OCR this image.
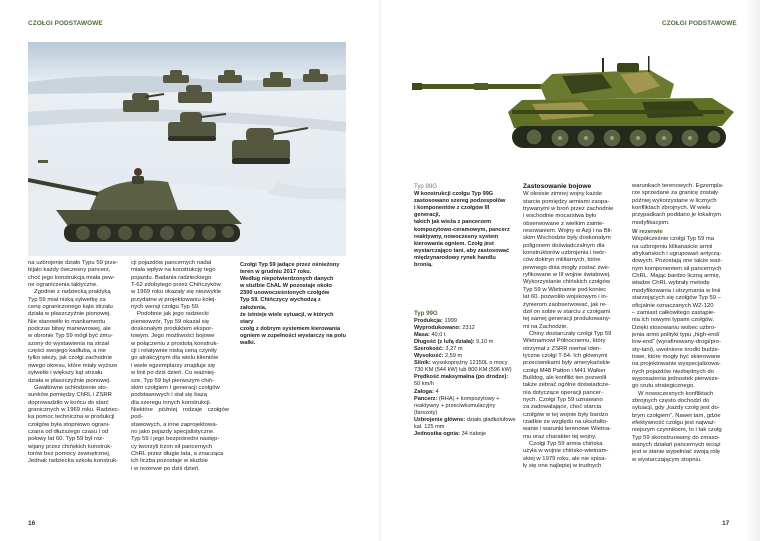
CZOŁGI PODSTAWOWE

na uzbrojenie działo Typu 59 prze-

bijało każdy ówczesny pancerz,

choć jego konstrukcja miała pew-

ne ograniczenia taktyczne.

Zgodnie z radziecką praktyką

Typ 59 miał niską sylwetkę za

cenę ograniczonego kąta strzału

działa w płaszczyźnie pionowej.

Nie stanowiło to mankamentu

podczas bitwy manewrowej, ale

w obronie Typ 59 mógł być zmu-

szony do wystawienia na strzał

części swojego kadłuba, a nie

tylko wieży, jak czołgi zachodnie

owego okresu, które miały wyższe

sylwetki i większy kąt strzału

działa w płaszczyźnie pionowej.

Gwałtowne ochłodzenie sto-

sunków pomiędzy ChRL i ZSRR

doprowadziło w końcu do starć

granicznych w 1969 roku. Radziec-

ka pomoc techniczna w produkcji

czołgów była stopniowo ograni-

czana od dłuższego czasu i od

połowy lat 60. Typ 59 był roz-

wijany przez chińskich konstruk-

torów bez pomocy zewnętrznej.

Jednak radziecka szkoła konstruk-

cji pojazdów pancernych nadal

miała wpływ na konstrukcję tego

pojazdu. Badania radzieckiego

T-62 zdobytego przez Chińczyków

w 1969 roku okazały się niezwykle

przydatne w projektowaniu kolej-

nych wersji czołgu Typ 59.

Podobnie jak jego radziecki

pierwowzór, Typ 59 okazał się

doskonałym produktem ekspor-

towym. Jego możliwości bojowe

w połączeniu z prostotą konstruk-

cji i relatywnie niską ceną czyniły

go atrakcyjnym dla wielu klientów

i wiele egzemplarzy znajduje się

w linii po dziś dzień. Co ważniej-

sze, Typ 59 był pierwszym chiń-

skim czołgiem I generacji czołgów

podstawowych i stał się bazą

dla szeregu innych konstrukcji.

Niektóre później rodzaje czołgów pod-

stawowych, a inne zaprojektowa-

no jako pojazdy specjalistyczne.

Typ 59 i jego bezpośredni następ-

cy tworzyli trzon sił pancernych

ChRL przez długie lata, a znacząca

ich liczba pozostaje w służbie

i w rezerwie po dziś dzień.

Czołgi Typ 59 jadące przez ośnieżony
teren w grudniu 2017 roku.
Według niepotwierdzonych danych
w służbie ChAL W pozostaje około
2300 unowocześnionych czołgów
Typ 59. Chińczycy wychodzą z założenia,
że istnieje wiele sytuacji, w których stary
czołg z dobrym systemem kierowania
ogniem w zupełności wystarczy na polu
walki.
16
CZOŁGI PODSTAWOWE
Typ 99G
W konstrukcji czołgu Typ 99G
zastosowano szereg podzespołów
i komponentów z czołgów III generacji,
takich jak wieża z pancerzem
kompozytowo-ceramowym, pancerz
reaktywny, nowoczesny system
kierowania ogniem. Czołg jest
wystarczająco tani, aby zastosować
międzynarodowy rynek handlu bronią.
Typ 99G
Produkcja: 1999
Wyprodukowano: 2312
Masa: 40,0 t
Długość (z lufą działa): 9,10 m
Szerokość: 3,27 m
Wysokość: 2,59 m
Silnik: wysokoprężny 12150L o mocy
730 KM (544 kW) lub 800 KM (596 kW)
Prędkość maksymalna (po drodze):
50 km/h
Załoga: 4
Pancerz: (RHA) + kompozytowy +
reaktywny + przeciwkumulacyjny (farszoty)
Uzbrojenie główne: działo gładkolufowe
kal. 125 mm
Jednostka ognia: 34 naboje

Zastosowanie bojowe

W okresie zimnej wojny każde

starcie pomiędzy armiami zaopa-

trywanymi w broń przez zachodnie

i wschodnie mocarstwa było

obserwowane z wielkim zainte-

resowaniem. Wojny w Azji i na Bli-

skim Wschodzie były doskonałym

poligonem doświadczalnym dla

konstruktorów uzbrojenia i twór-

ców doktryn militarnych, które

pewnego dnia mogły zostać zwe-

ryfikowane w III wojnie światowej.

Wykorzystanie chińskich czołgów

Typ 59 w Wietnamie pod koniec

lat 60. pozwoliło wojskowym i in-

żynierom zaobserwować, jak re-

dził on sobie w starciu z czołgami

tej samej generacji produkowany-

mi na Zachodzie.

Chiny dostarczały czołgi Typ 59

Wietnamowi Północnemu, który

otrzymał z ZSRR niemal iden-

tyczne czołgi T-54. Ich głównymi

przeciwnikami były amerykańskie

czołgi M48 Patton i M41 Walker

Bulldog, ale konflikt ten pozwolił

także zebrać ogólne doświadcze-

nia dotyczące operacji pancer-

nych. Czołgi Typ 59 uznawano

za zadowalające, choć starcia

czołgów w tej wojnie były bardzo

rzadkie ze względu na ukształto-

wanie i warunki terenowe Wietna-

mu oraz charakter tej wojny.

Czołgi Typ 59 armia chińska

użyła w wojnie chińsko-wietnam-

skiej w 1979 roku, ale nie spisa-

ły się one najlepiej w trudnych

warunkach terenowych. Egzempla-

rze sprzedane za granicę zostały

później wykorzystane w licznych

konfliktach zbrojnych. W wielu

przypadkach poddano je lokalnym

modyfikacjom.

W rezerwie

Współcześnie czołgi Typ 59 ma

na uzbrojeniu kilkanaście armii

afrykańskich i ugrupowań antyrzą-

dowych. Pozostają one także waż-

nym komponentem sił pancernych

ChRL. Mając bardzo liczną armię,

władze ChRL wybrały metodę

modyfikowania i utrzymania w linii

starzejących się czołgów Typ 59 –

oficjalnie oznaczanych WZ-120

– zamiast całkowitego zastąpie-

nia ich nowymi typami czołgów.

Dzięki stosowaniu wobec uzbro-

jenia armii polityki typu „high-end/

low-end” (wyrafinowany-drogi/pro-

sty-tani), uwolnione środki budże-

towe, które mogły być skierowane

na projektowanie wyspecjalizowa-

nych pojazdów niezbędnych do

wyposażenia jednostek pierwsze-

go rzutu strategicznego.

W nowoczesnych konfliktach

zbrojnych często dochodzi do

sytuacji, gdy „każdy czołg jest do-

brym czołgiem”. Nawet tam, gdzie

efektywność czołgu jest najważ-

niejszym czynnikiem, to i tak czołg

Typ 59 skonstruowany do zmaso-

wanych działań pancernych wciąż

jest w stanie wypełniać swoją rolę

w wystarczającym stopniu.

17
